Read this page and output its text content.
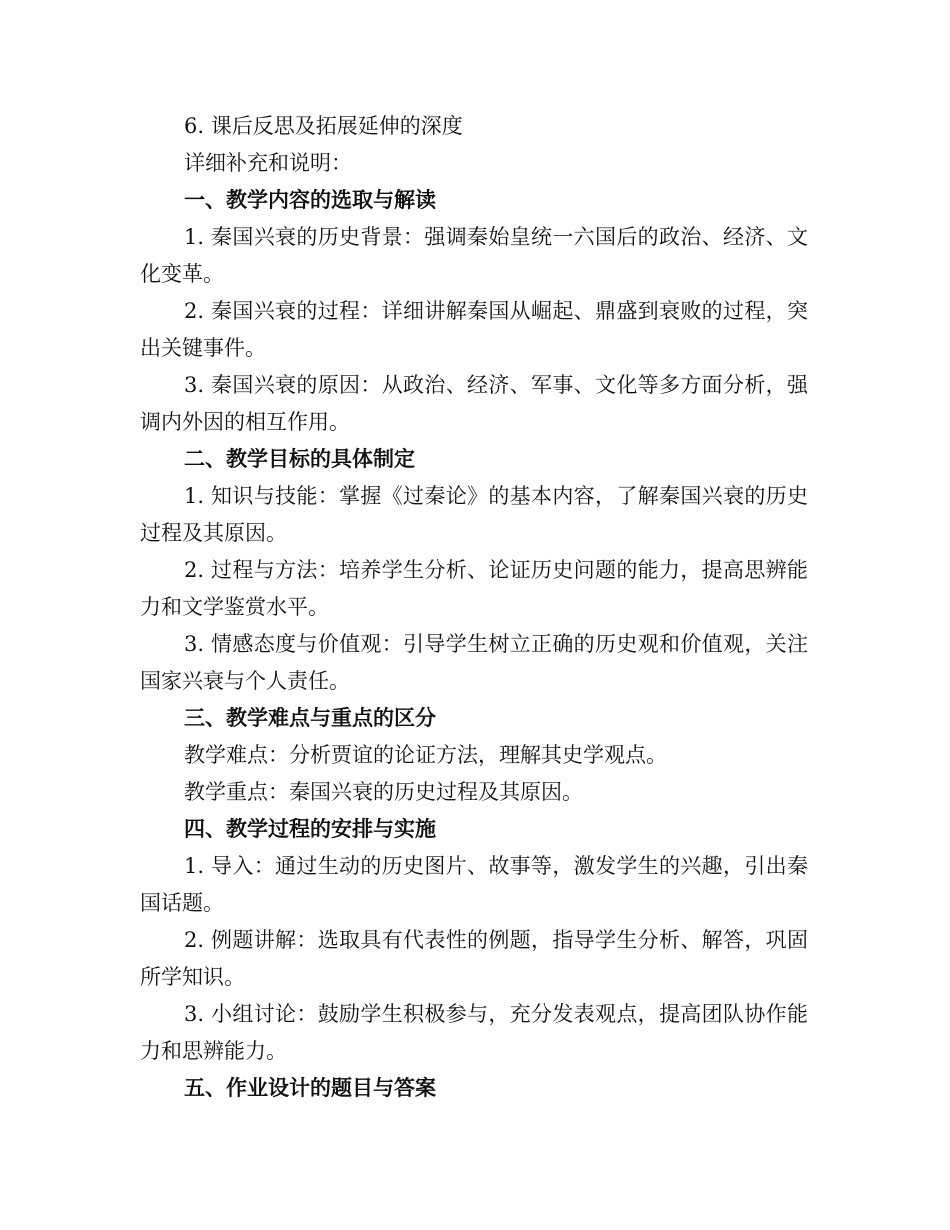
6. 课后反思及拓展延伸的深度

详细补充和说明：

一、教学内容的选取与解读

1. 秦国兴衰的历史背景：强调秦始皇统一六国后的政治、经济、文化变革。

2. 秦国兴衰的过程：详细讲解秦国从崛起、鼎盛到衰败的过程，突出关键事件。

3. 秦国兴衰的原因：从政治、经济、军事、文化等多方面分析，强调内外因的相互作用。

二、教学目标的具体制定

1. 知识与技能：掌握《过秦论》的基本内容，了解秦国兴衰的历史过程及其原因。

2. 过程与方法：培养学生分析、论证历史问题的能力，提高思辨能力和文学鉴赏水平。

3. 情感态度与价值观：引导学生树立正确的历史观和价值观，关注国家兴衰与个人责任。

三、教学难点与重点的区分

教学难点：分析贾谊的论证方法，理解其史学观点。

教学重点：秦国兴衰的历史过程及其原因。

四、教学过程的安排与实施

1. 导入：通过生动的历史图片、故事等，激发学生的兴趣，引出秦国话题。

2. 例题讲解：选取具有代表性的例题，指导学生分析、解答，巩固所学知识。

3. 小组讨论：鼓励学生积极参与，充分发表观点，提高团队协作能力和思辨能力。

五、作业设计的题目与答案
